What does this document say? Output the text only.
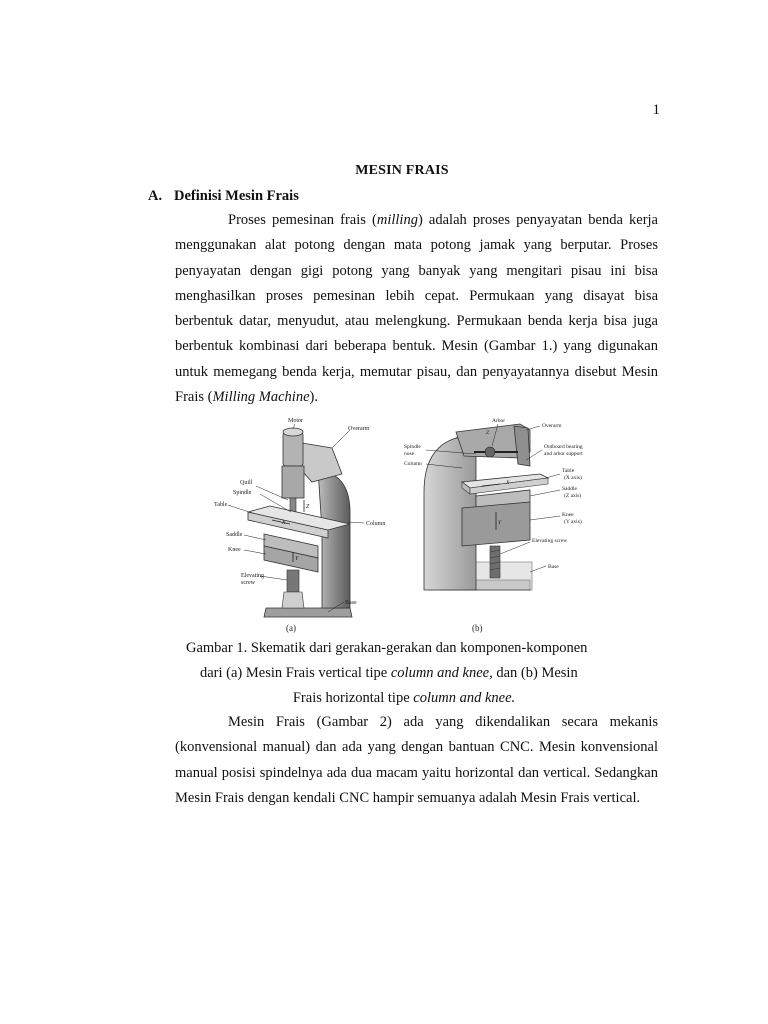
1
MESIN FRAIS
A. Definisi Mesin Frais
Proses pemesinan frais (milling) adalah proses penyayatan benda kerja menggunakan alat potong dengan mata potong jamak yang berputar. Proses penyayatan dengan gigi potong yang banyak yang mengitari pisau ini bisa menghasilkan proses pemesinan lebih cepat. Permukaan yang disayat bisa berbentuk datar, menyudut, atau melengkung. Permukaan benda kerja bisa juga berbentuk kombinasi dari beberapa bentuk. Mesin (Gambar 1.) yang digunakan untuk memegang benda kerja, memutar pisau, dan penyayatannya disebut Mesin Frais (Milling Machine).
Motor
Overarm
Quill
Spindle
Table
Column
Saddle
Knee
Elevating
screw
Base
Z
X
Y
(a)
Arbor
Overarm
Spindle
nose
Column
Outboard bearing
and arbor support
Table
(X axis)
Saddle
(Z axis)
Knee
(Y axis)
Elevating screw
Base
Z
X
Y
(b)
Gambar 1. Skematik dari gerakan-gerakan dan komponen-komponen
dari (a) Mesin Frais vertical tipe column and knee, dan (b) Mesin
Frais horizontal tipe column and knee.
Mesin Frais (Gambar 2) ada yang dikendalikan secara mekanis (konvensional manual) dan ada yang dengan bantuan CNC. Mesin konvensional manual posisi spindelnya ada dua macam yaitu horizontal dan vertical. Sedangkan Mesin Frais dengan kendali CNC hampir semuanya adalah Mesin Frais vertical.
